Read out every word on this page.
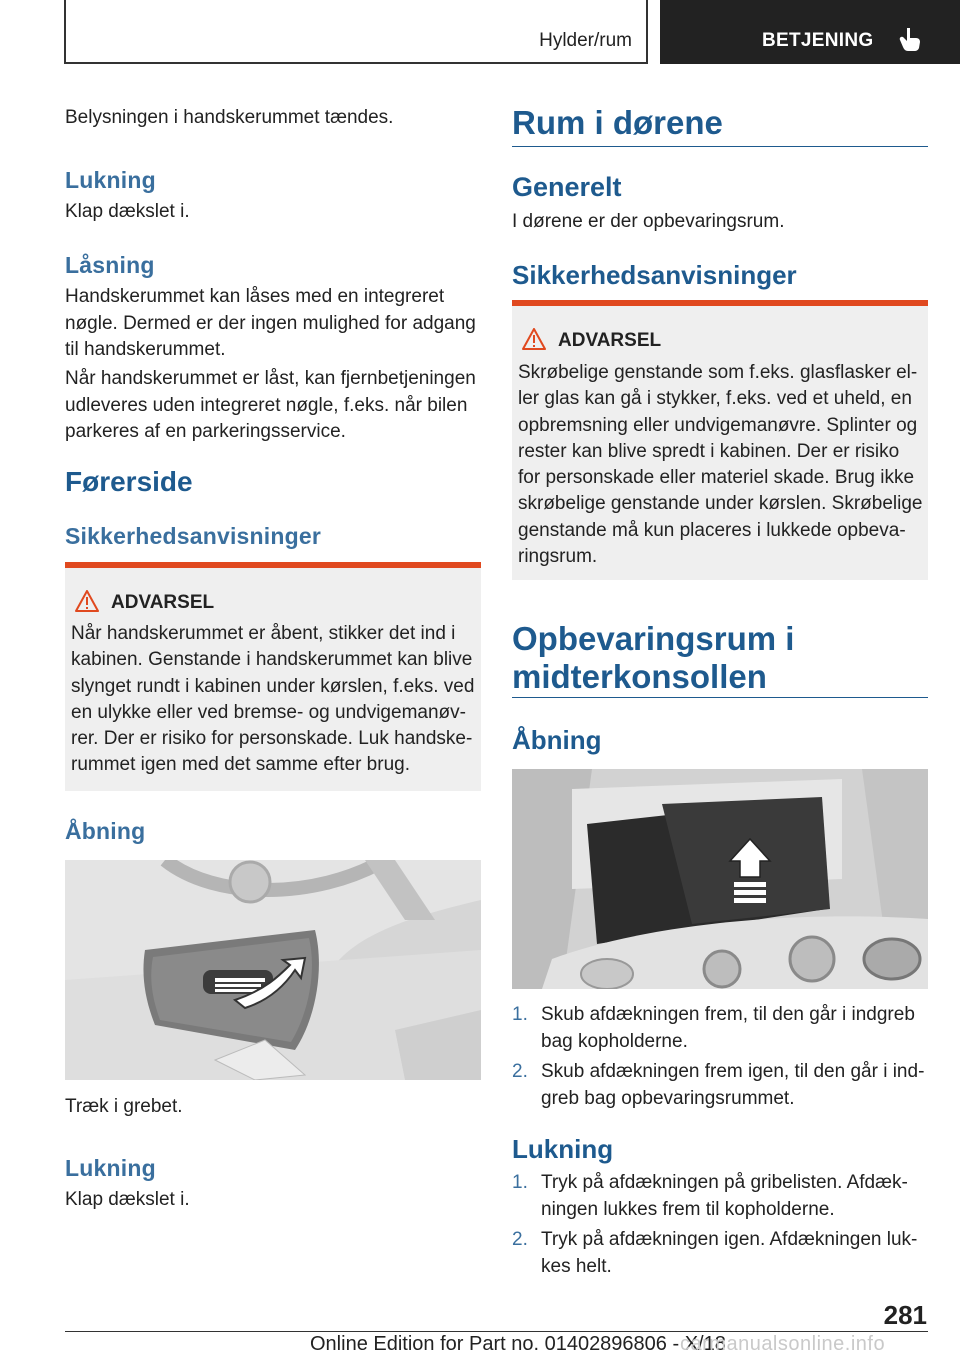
Hylder/rum	BETJENING

Belysningen i handskerummet tændes.

Lukning

Klap dækslet i.

Låsning

Handskerummet kan låses med en integreret nøgle. Dermed er der ingen mulighed for adgang til handskerummet.

Når handskerummet er låst, kan fjernbetjeningen udleveres uden integreret nøgle, f.eks. når bilen parkeres af en parkeringsservice.

Førerside
Sikkerhedsanvisninger
ADVARSEL

Når handskerummet er åbent, stikker det ind i kabinen. Genstande i handskerummet kan blive slynget rundt i kabinen under kørslen, f.eks. ved en ulykke eller ved bremse- og undvigemanøvrer. Der er risiko for personskade. Luk handskerummet igen med det samme efter brug.

Åbning

Træk i grebet.

Lukning

Klap dækslet i.

Rum i dørene
Generelt

I dørene er der opbevaringsrum.

Sikkerhedsanvisninger
ADVARSEL

Skrøbelige genstande som f.eks. glasflasker eller glas kan gå i stykker, f.eks. ved et uheld, en opbremsning eller undvigemanøvre. Splinter og rester kan blive spredt i kabinen. Der er risiko for personskade eller materiel skade. Brug ikke skrøbelige genstande under kørslen. Skrøbelige genstande må kun placeres i lukkede opbevaringsrum.

Opbevaringsrum i
midterkonsollen
Åbning
1. Skub afdækningen frem, til den går i indgreb bag kopholderne.
2. Skub afdækningen frem igen, til den går i indgreb bag opbevaringsrummet.
Lukning
1. Tryk på afdækningen på gribelisten. Afdækningen lukkes frem til kopholderne.
2. Tryk på afdækningen igen. Afdækningen lukkes helt.
281
Online Edition for Part no. 01402896806 - X/18
carmanualsonline.info
